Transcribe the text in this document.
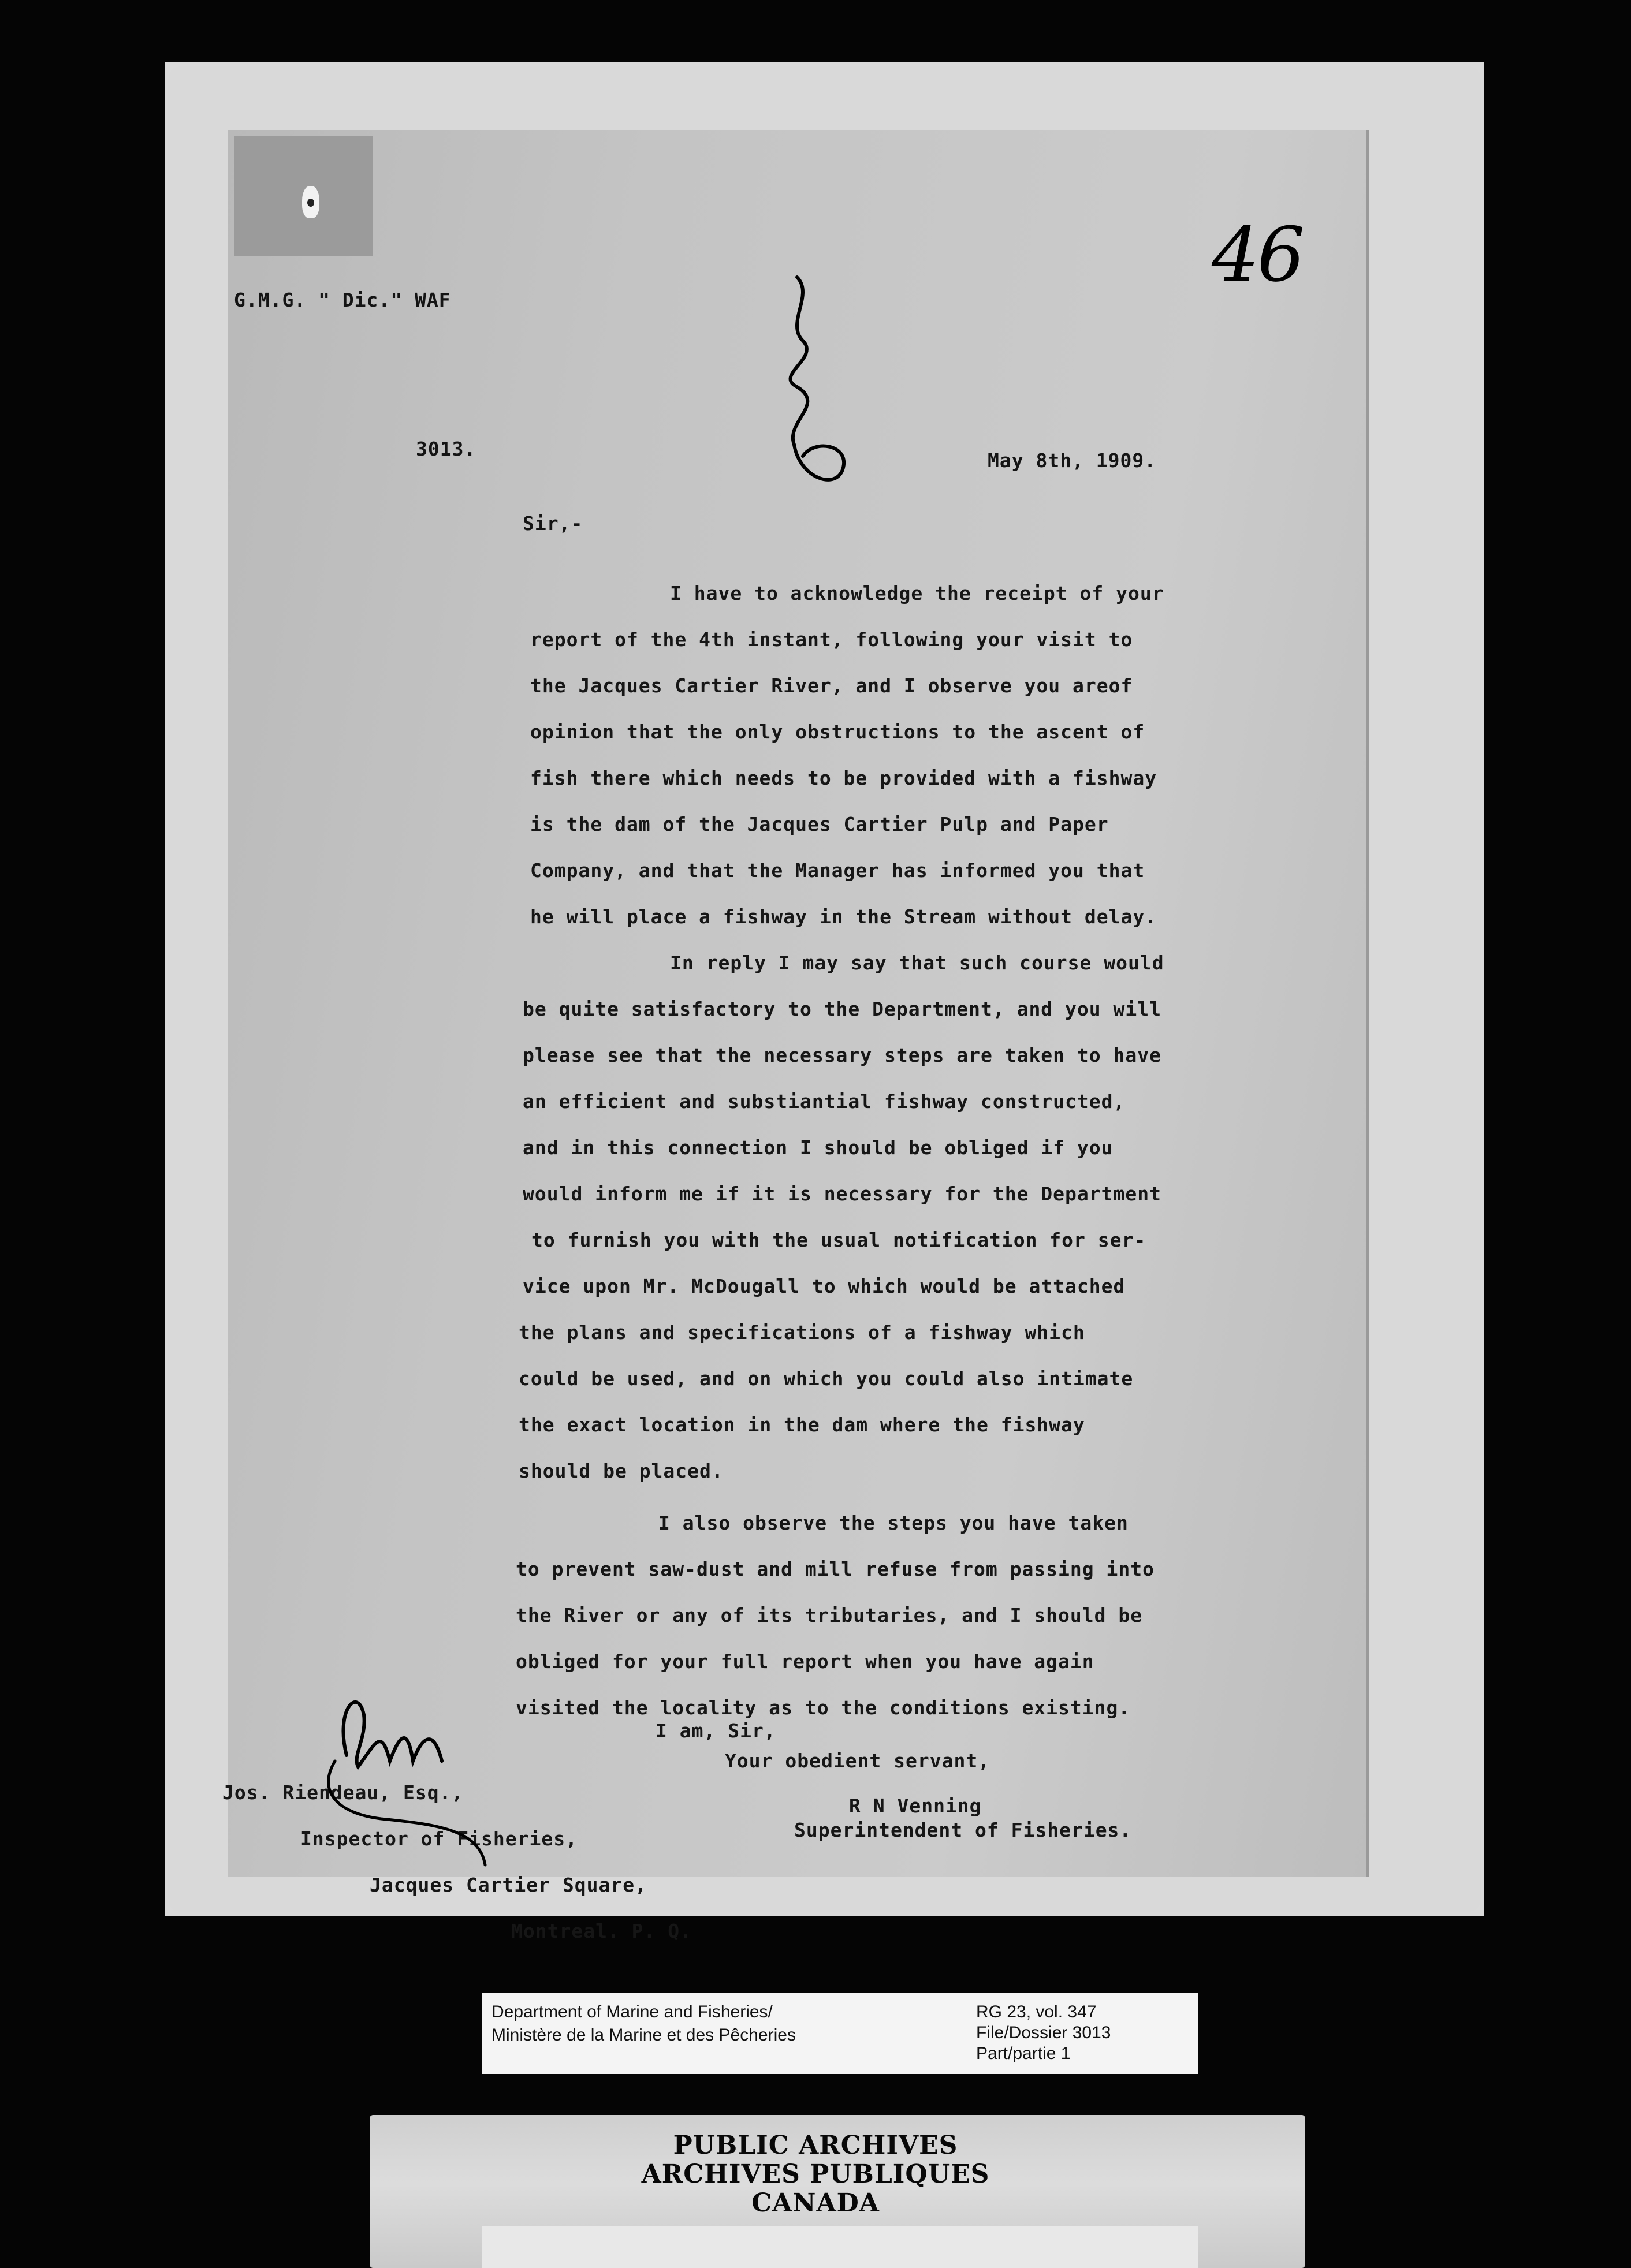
46
G.M.G. " Dic." WAF
3013.
May 8th, 1909.
Sir,-
I have to acknowledge the receipt of your
report of the 4th instant, following your visit to
the Jacques Cartier River, and I observe you areof
opinion that the only obstructions to the ascent of
fish there which needs to be provided with a fishway
is the dam of the Jacques Cartier Pulp and Paper
Company, and that the Manager has informed you that
he will place a fishway in the Stream without delay.
In reply I may say that such course would
be quite satisfactory to the Department, and you will
please see that the necessary steps are taken to have
an efficient and substiantial fishway constructed,
and in this connection I should be obliged if you
would inform me if it is necessary for the Department
to furnish you with the usual notification for ser-
vice upon Mr. McDougall to which would be attached
the plans and specifications of a fishway which
could be used, and on which you could also intimate
the exact location in the dam where the fishway
should be placed.
I also observe the steps you have taken
to prevent saw-dust and mill refuse from passing into
the River or any of its tributaries, and I should be
obliged for your full report when you have again
visited the locality as to the conditions existing.
I am, Sir,
Your obedient servant,
R N Venning
Superintendent of Fisheries.
Jos. Riendeau, Esq.,
Inspector of Fisheries,
Jacques Cartier Square,
Montreal. P. Q.
Department of Marine and Fisheries/
Ministère de la Marine et des Pêcheries
RG 23, vol. 347
File/Dossier 3013
Part/partie 1
PUBLIC ARCHIVES
ARCHIVES PUBLIQUES
CANADA
